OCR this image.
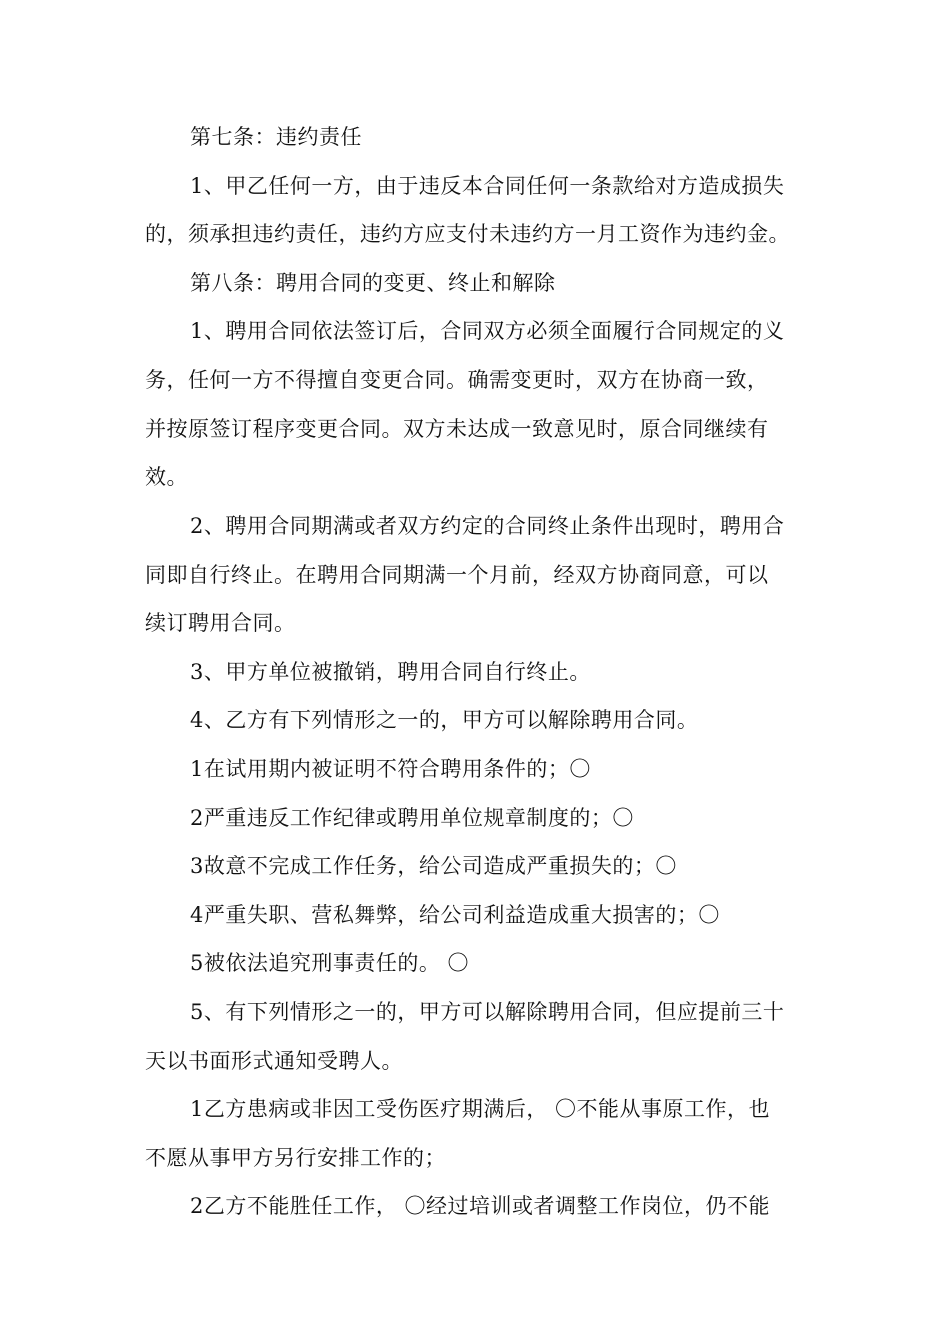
第七条：违约责任
1、甲乙任何一方，由于违反本合同任何一条款给对方造成损失
的，须承担违约责任，违约方应支付未违约方一月工资作为违约金。
第八条：聘用合同的变更、终止和解除
1、聘用合同依法签订后，合同双方必须全面履行合同规定的义
务，任何一方不得擅自变更合同。确需变更时，双方在协商一致，
并按原签订程序变更合同。双方未达成一致意见时，原合同继续有
效。
2、聘用合同期满或者双方约定的合同终止条件出现时，聘用合
同即自行终止。在聘用合同期满一个月前，经双方协商同意，可以
续订聘用合同。
3、甲方单位被撤销，聘用合同自行终止。
4、乙方有下列情形之一的，甲方可以解除聘用合同。
1在试用期内被证明不符合聘用条件的；〇
2严重违反工作纪律或聘用单位规章制度的；〇
3故意不完成工作任务，给公司造成严重损失的；〇
4严重失职、营私舞弊，给公司利益造成重大损害的；〇
5被依法追究刑事责任的。 〇
5、有下列情形之一的，甲方可以解除聘用合同，但应提前三十
天以书面形式通知受聘人。
1乙方患病或非因工受伤医疗期满后， 〇不能从事原工作，也
不愿从事甲方另行安排工作的；
2乙方不能胜任工作， 〇经过培训或者调整工作岗位，仍不能
